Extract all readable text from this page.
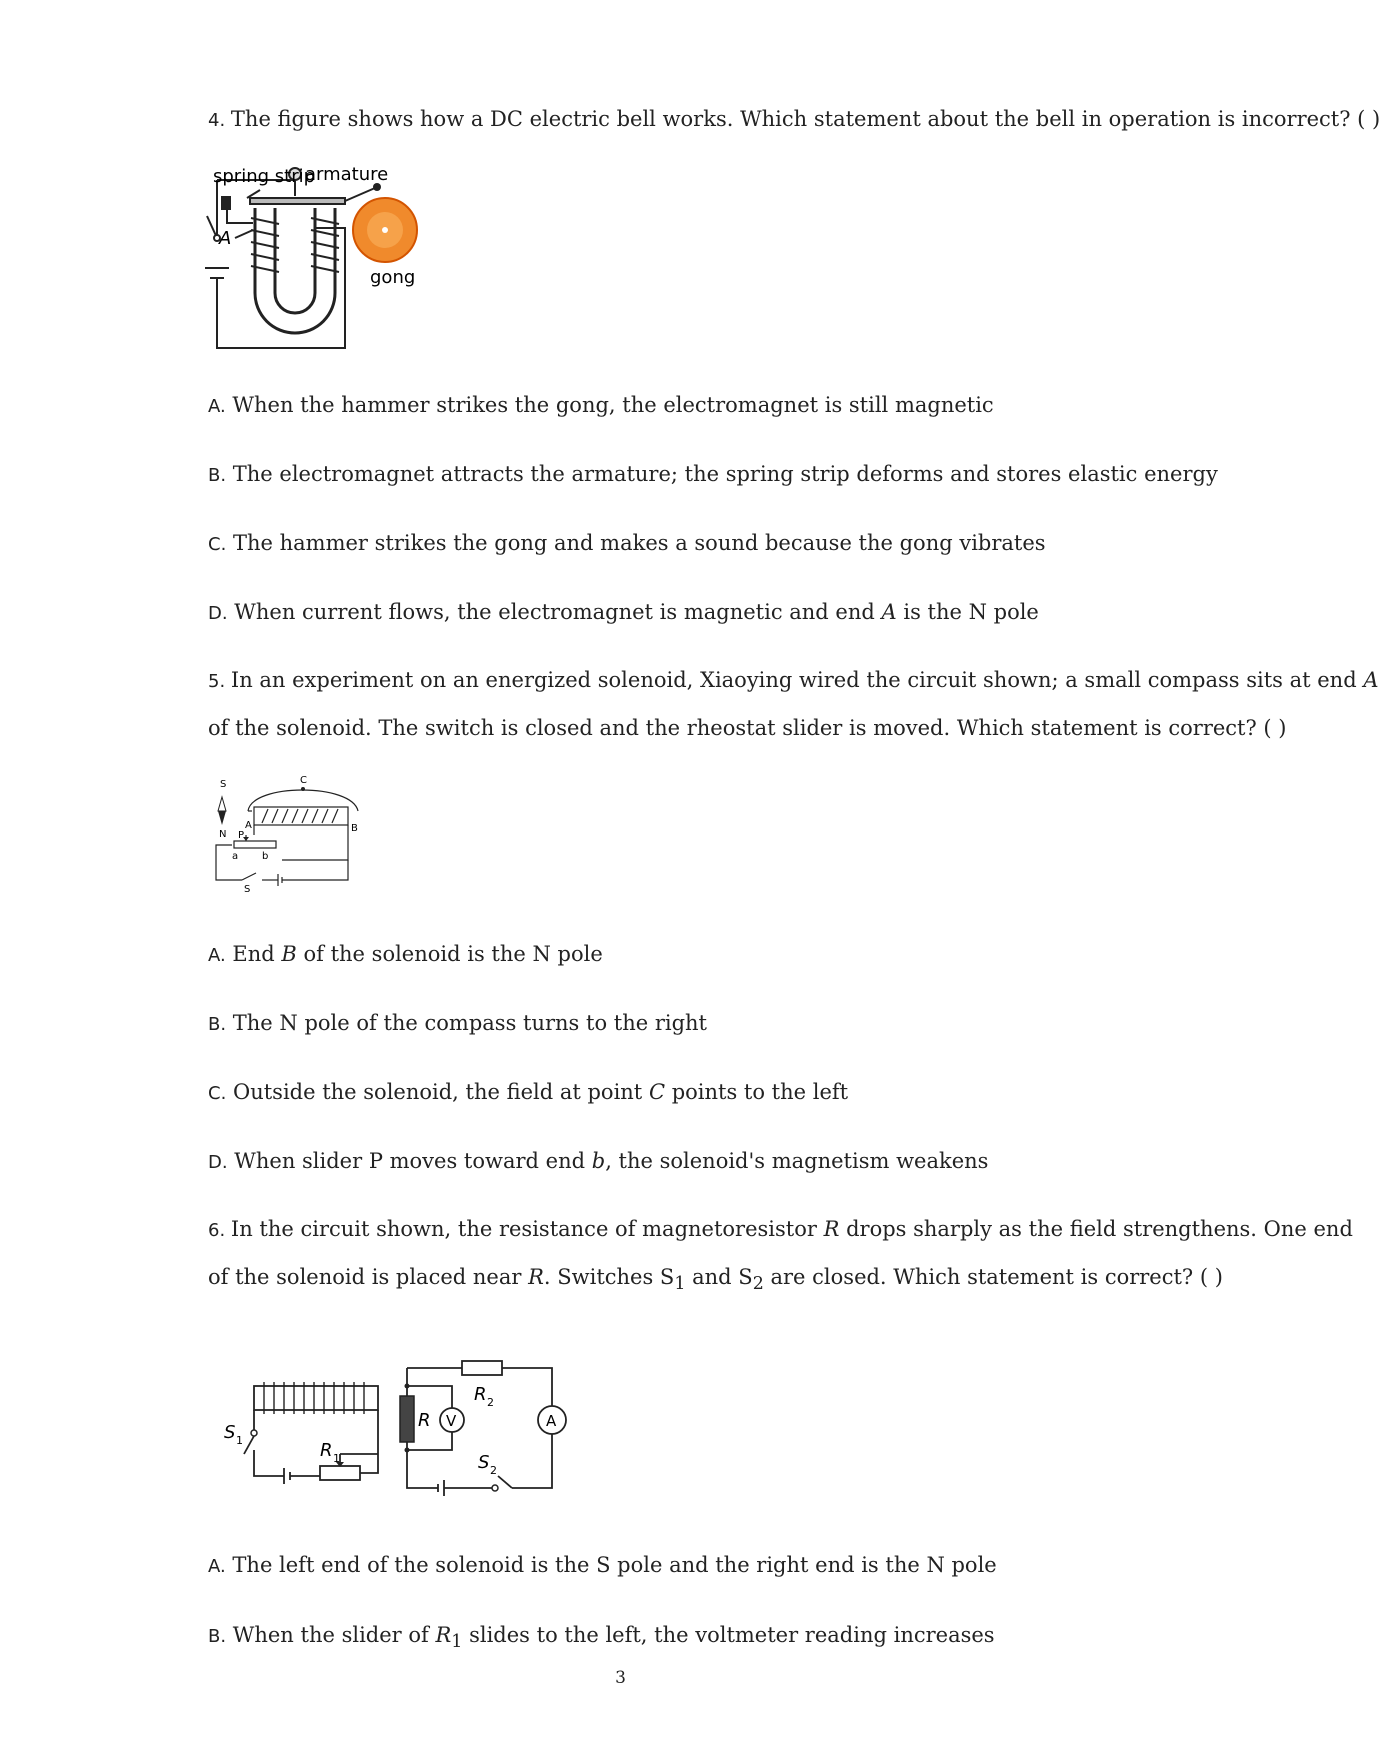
4. The figure shows how a DC electric bell works. Which statement about the bell in operation is incorrect? ( )
spring strip
armature
A
gong
A. When the hammer strikes the gong, the electromagnet is still magnetic
B. The electromagnet attracts the armature; the spring strip deforms and stores elastic energy
C. The hammer strikes the gong and makes a sound because the gong vibrates
D. When current flows, the electromagnet is magnetic and end A is the N pole
5. In an experiment on an energized solenoid, Xiaoying wired the circuit shown; a small compass sits at end A
of the solenoid. The switch is closed and the rheostat slider is moved. Which statement is correct? ( )
S
N
C
A	B
P
a b
S
A. End B of the solenoid is the N pole
B. The N pole of the compass turns to the right
C. Outside the solenoid, the field at point C points to the left
D. When slider P moves toward end b, the solenoid's magnetism weakens
6. In the circuit shown, the resistance of magnetoresistor R drops sharply as the field strengthens. One end
of the solenoid is placed near R. Switches $S_1$ and $S_2$ are closed. Which statement is correct? ( )
S 1	R 1
R V
R 2
A
S 2
A. The left end of the solenoid is the S pole and the right end is the N pole
B. When the slider of $R_1$ slides to the left, the voltmeter reading increases
3
